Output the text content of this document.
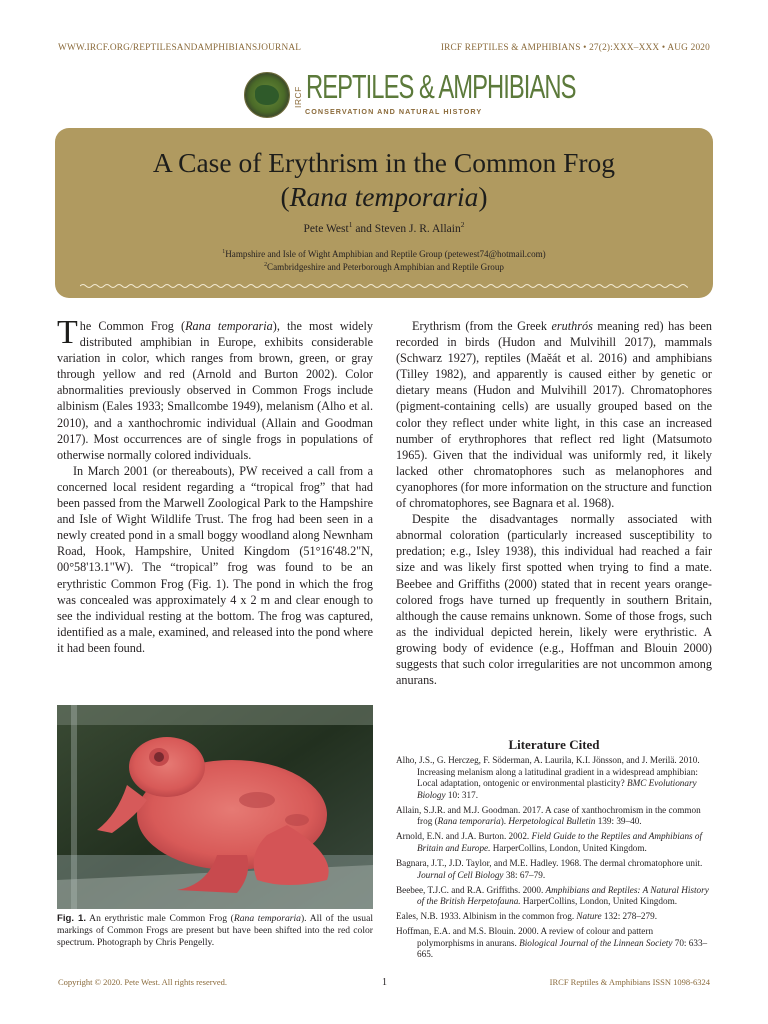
WWW.IRCF.ORG/REPTILESANDAMPHIBIANSJOURNAL	IRCF REPTILES & AMPHIBIANS • 27(2):XXX–XXX • AUG 2020
IRCF REPTILES & AMPHIBIANS
CONSERVATION AND NATURAL HISTORY
A Case of Erythrism in the Common Frog
(Rana temporaria)
Pete West$^1$ and Steven J. R. Allain$^2$
$^1$Hampshire and Isle of Wight Amphibian and Reptile Group (petewest74@hotmail.com)
$^2$Cambridgeshire and Peterborough Amphibian and Reptile Group

The Common Frog (Rana temporaria), the most widely distributed amphibian in Europe, exhibits considerable variation in color, which ranges from brown, green, or gray through yellow and red (Arnold and Burton 2002). Color abnormalities previously observed in Common Frogs include albinism (Eales 1933; Smallcombe 1949), melanism (Alho et al. 2010), and a xanthochromic individual (Allain and Goodman 2017). Most occurrences are of single frogs in populations of otherwise normally colored individuals.

In March 2001 (or thereabouts), PW received a call from a concerned local resident regarding a “tropical frog” that had been passed from the Marwell Zoological Park to the Hampshire and Isle of Wight Wildlife Trust. The frog had been seen in a newly created pond in a small boggy woodland along Newnham Road, Hook, Hampshire, United Kingdom (51°16'48.2"N, 00°58'13.1"W). The “tropical” frog was found to be an erythristic Common Frog (Fig. 1). The pond in which the frog was concealed was approximately 4 x 2 m and clear enough to see the individual resting at the bottom. The frog was captured, identified as a male, examined, and released into the pond where it had been found.

Fig. 1. An erythristic male Common Frog (Rana temporaria). All of the usual markings of Common Frogs are present but have been shifted into the red color spectrum. Photograph by Chris Pengelly.

Erythrism (from the Greek eruthrós meaning red) has been recorded in birds (Hudon and Mulvihill 2017), mammals (Schwarz 1927), reptiles (Maĕát et al. 2016) and amphibians (Tilley 1982), and apparently is caused either by genetic or dietary means (Hudon and Mulvihill 2017). Chromatophores (pigment-containing cells) are usually grouped based on the color they reflect under white light, in this case an increased number of erythrophores that reflect red light (Matsumoto 1965). Given that the individual was uniformly red, it likely lacked other chromatophores such as melanophores and cyanophores (for more information on the structure and function of chromatophores, see Bagnara et al. 1968).

Despite the disadvantages normally associated with abnormal coloration (particularly increased susceptibility to predation; e.g., Isley 1938), this individual had reached a fair size and was likely first spotted when trying to find a mate. Beebee and Griffiths (2000) stated that in recent years orange-colored frogs have turned up frequently in southern Britain, although the cause remains unknown. Some of those frogs, such as the individual depicted herein, likely were erythristic. A growing body of evidence (e.g., Hoffman and Blouin 2000) suggests that such color irregularities are not uncommon among anurans.

Literature Cited

Alho, J.S., G. Herczeg, F. Söderman, A. Laurila, K.I. Jönsson, and J. Merilä. 2010. Increasing melanism along a latitudinal gradient in a widespread amphibian: Local adaptation, ontogenic or environmental plasticity? BMC Evolutionary Biology 10: 317.

Allain, S.J.R. and M.J. Goodman. 2017. A case of xanthochromism in the common frog (Rana temporaria). Herpetological Bulletin 139: 39–40.

Arnold, E.N. and J.A. Burton. 2002. Field Guide to the Reptiles and Amphibians of Britain and Europe. HarperCollins, London, United Kingdom.

Bagnara, J.T., J.D. Taylor, and M.E. Hadley. 1968. The dermal chromatophore unit. Journal of Cell Biology 38: 67–79.

Beebee, T.J.C. and R.A. Griffiths. 2000. Amphibians and Reptiles: A Natural History of the British Herpetofauna. HarperCollins, London, United Kingdom.

Eales, N.B. 1933. Albinism in the common frog. Nature 132: 278–279.

Hoffman, E.A. and M.S. Blouin. 2000. A review of colour and pattern polymorphisms in anurans. Biological Journal of the Linnean Society 70: 633–665.

Copyright © 2020. Pete West. All rights reserved.	1	IRCF Reptiles & Amphibians ISSN 1098-6324
